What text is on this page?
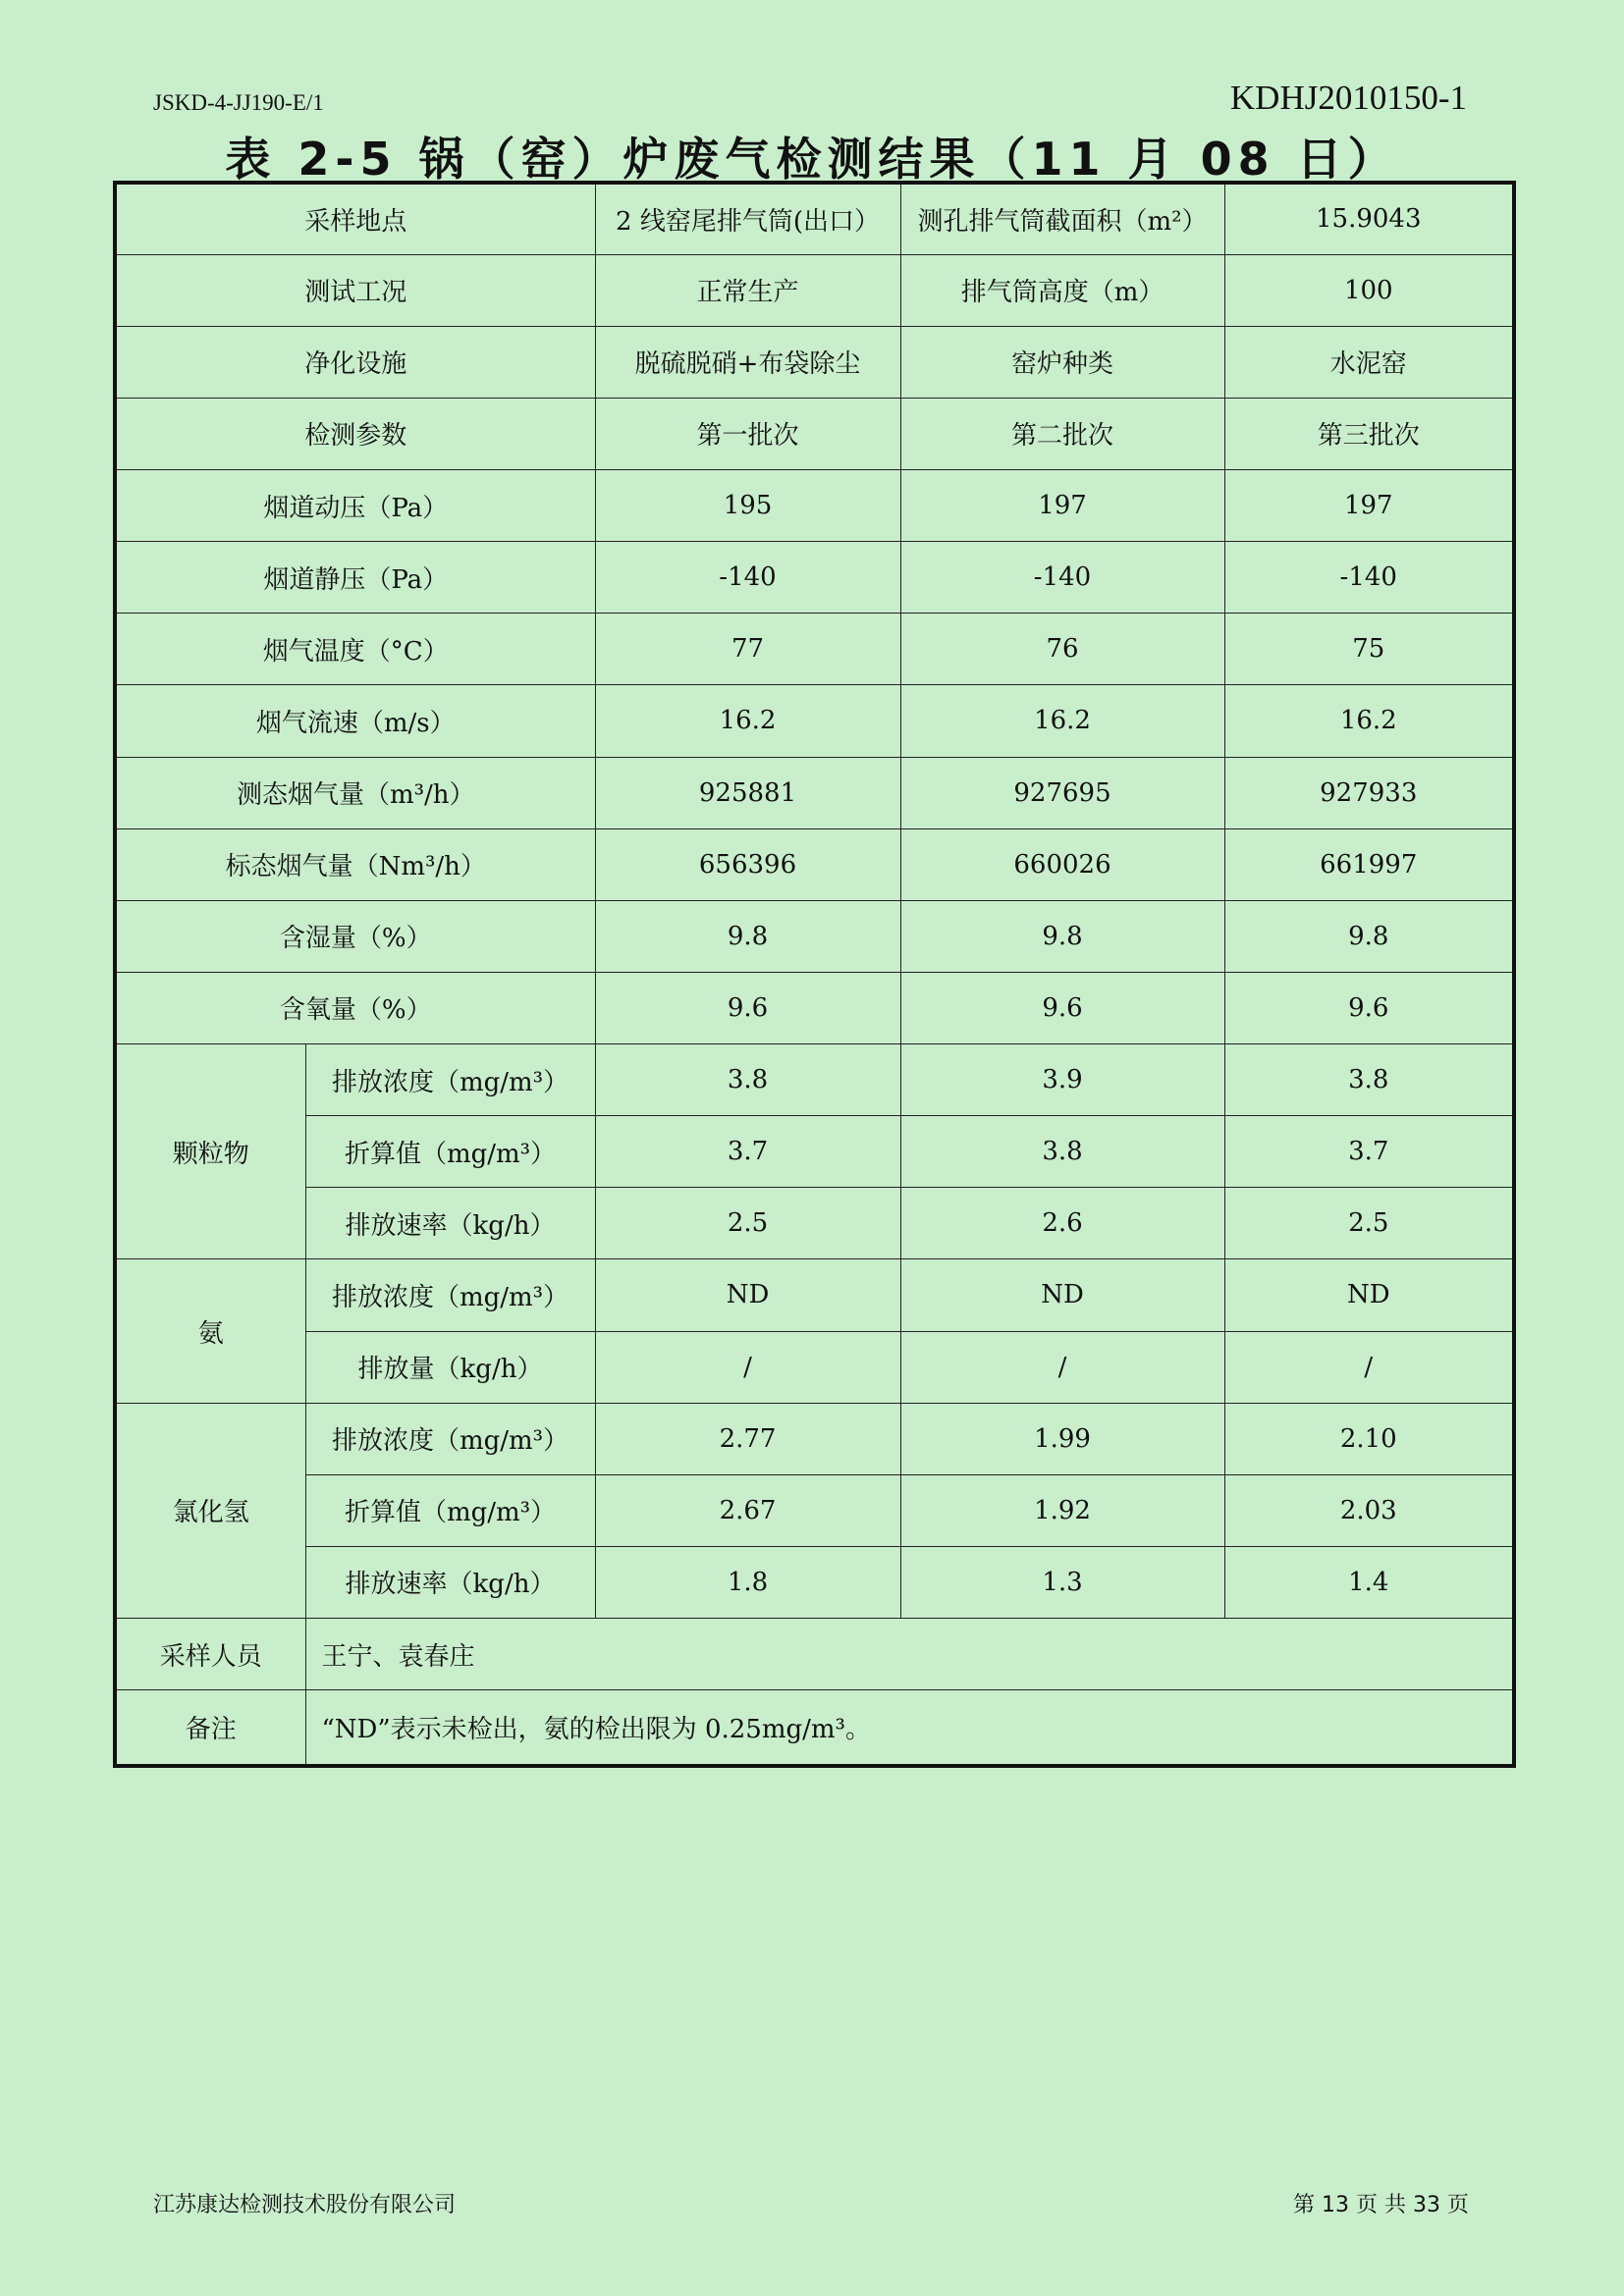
JSKD-4-JJ190-E/1	KDHJ2010150-1
表 2-5 锅（窑）炉废气检测结果（11 月 08 日）
采样地点		2 线窑尾排气筒(出口）	测孔排气筒截面积（m²）	15.9043
测试工况		正常生产	排气筒高度（m）	100
净化设施		脱硫脱硝+布袋除尘	窑炉种类	水泥窑
检测参数		第一批次	第二批次	第三批次
烟道动压（Pa）		195	197	197
烟道静压（Pa）		-140	-140	-140
烟气温度（°C）		77	76	75
烟气流速（m/s）		16.2	16.2	16.2
测态烟气量（m³/h）		925881	927695	927933
标态烟气量（Nm³/h）		656396	660026	661997
含湿量（%）		9.8	9.8	9.8
含氧量（%）		9.6	9.6	9.6
颗粒物	排放浓度（mg/m³）	3.8	3.9	3.8
	折算值（mg/m³）	3.7	3.8	3.7
	排放速率（kg/h）	2.5	2.6	2.5
氨	排放浓度（mg/m³）	ND	ND	ND
	排放量（kg/h）	/	/	/
氯化氢	排放浓度（mg/m³）	2.77	1.99	2.10
	折算值（mg/m³）	2.67	1.92	2.03
	排放速率（kg/h）	1.8	1.3	1.4
采样人员	王宁、袁春庄			
备注	“ND”表示未检出，氨的检出限为 0.25mg/m³。			
江苏康达检测技术股份有限公司	第 13 页 共 33 页
